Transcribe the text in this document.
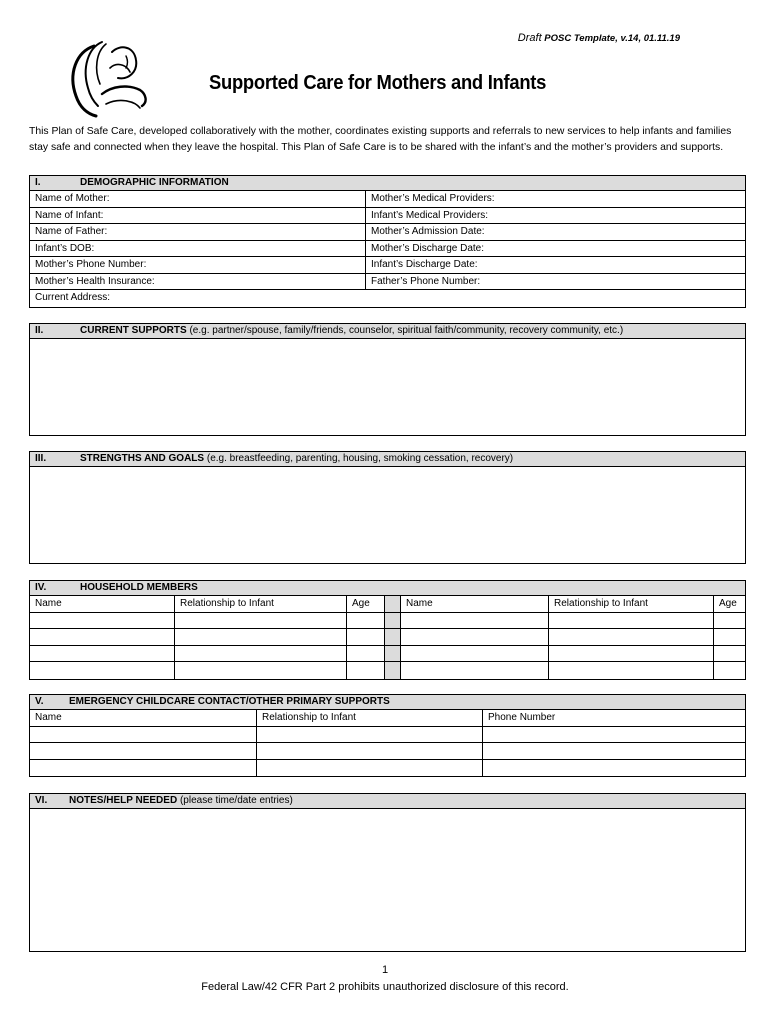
Draft POSC Template, v.14, 01.11.19
Supported Care for Mothers and Infants
This Plan of Safe Care, developed collaboratively with the mother, coordinates existing supports and referrals to new services to help infants and families stay safe and connected when they leave the hospital. This Plan of Safe Care is to be shared with the infant’s and the mother’s providers and supports.
I.	DEMOGRAPHIC INFORMATION
Name of Mother:	Mother’s Medical Providers:
Name of Infant:	Infant’s Medical Providers:
Name of Father:	Mother’s Admission Date:
Infant’s DOB:	Mother’s Discharge Date:
Mother’s Phone Number:	Infant’s Discharge Date:
Mother’s Health Insurance:	Father’s Phone Number:
Current Address:
II.	CURRENT SUPPORTS (e.g. partner/spouse, family/friends, counselor, spiritual faith/community, recovery community, etc.)
III.	STRENGTHS AND GOALS (e.g. breastfeeding, parenting, housing, smoking cessation, recovery)
IV.	HOUSEHOLD MEMBERS
Name	Relationship to Infant	Age	Name	Relationship to Infant	Age
V.	EMERGENCY CHILDCARE CONTACT/OTHER PRIMARY SUPPORTS
Name	Relationship to Infant	Phone Number
VI. NOTES/HELP NEEDED (please time/date entries)
1
Federal Law/42 CFR Part 2 prohibits unauthorized disclosure of this record.
